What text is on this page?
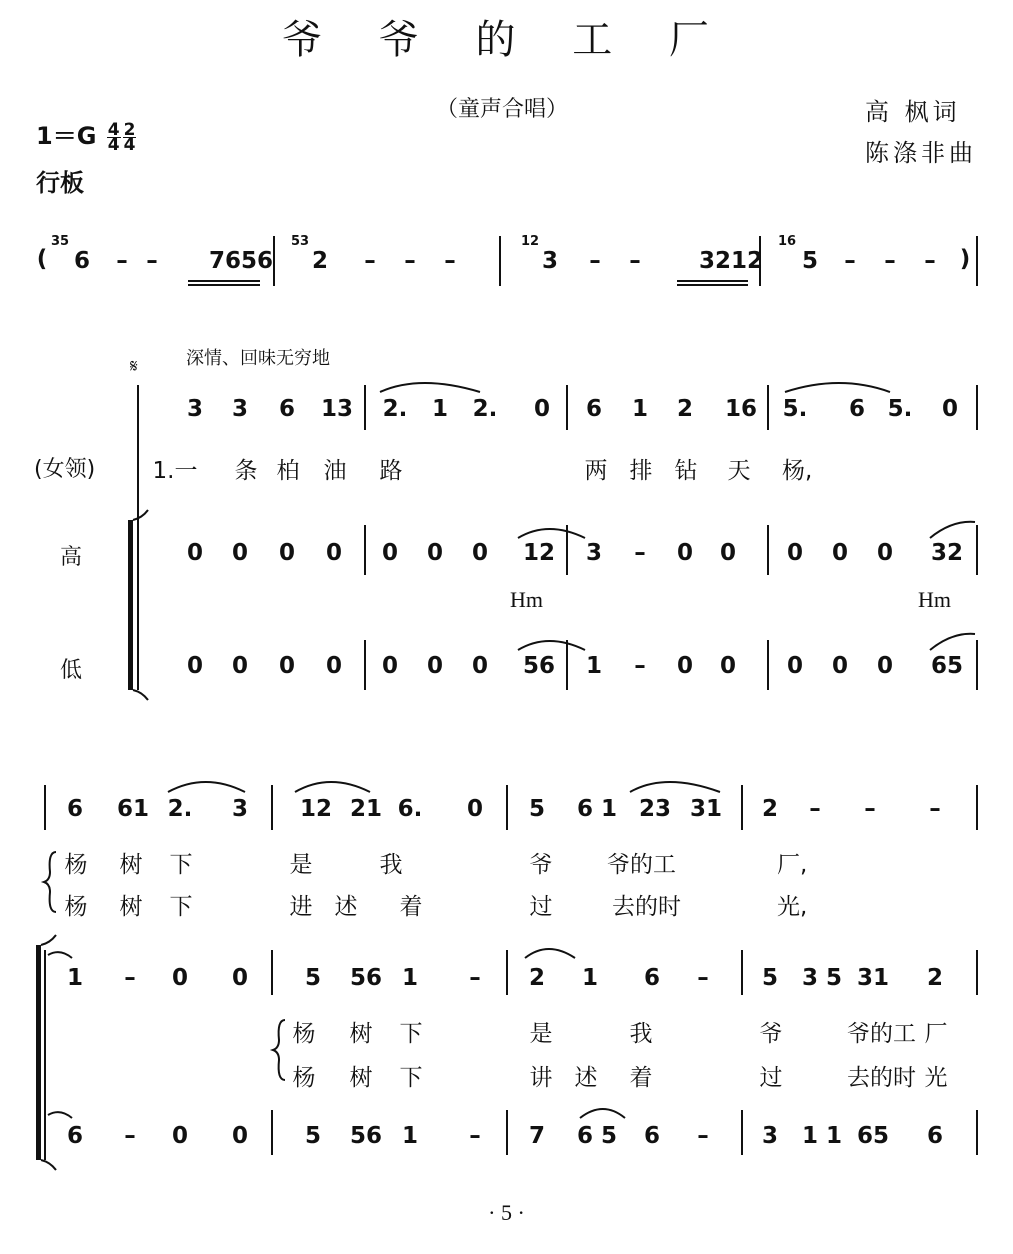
爷 爷 的 工 厂
（童声合唱）	高 枫词
陈涤非曲
$1=G \frac{4}{4} \frac{2}{4}$
行板
6	– –	7656 2	–	–	–	3	–	–	3212 5	–	–	–
35	53	12	16
(	)
深情、回味无穷地
𝄋
(女领)
高
低
Hm	Hm
3 3 6 13 2. 1 2. 0 6 1 2 16 5. 6 5. 0
1.一 条 柏 油 路	两 排 钻 天 杨,
0 0 0 0 0 0 0 12 3	–	0 0 0 0 0 32
0 0 0 0 0 0 0 56 1	–	0 0 0 0 0 65
6 61 2. 3 12 21 6. 0 5 6 1 23 31 2	–	–	–
杨 树 下	是	我	爷 爷的工	厂,
杨 树 下	进 述 着	过	去的时	光,
1	–	0 0 5 56 1	–	2 1 6	–	5 3 5 31 2
杨 树 下	是	我	爷	爷的工 厂
杨 树 下	讲 述 着	过	去的时 光
6	–	0 0 5 56 1	–	7 6 5 6	–	3 1 1 65 6
· 5 ·
